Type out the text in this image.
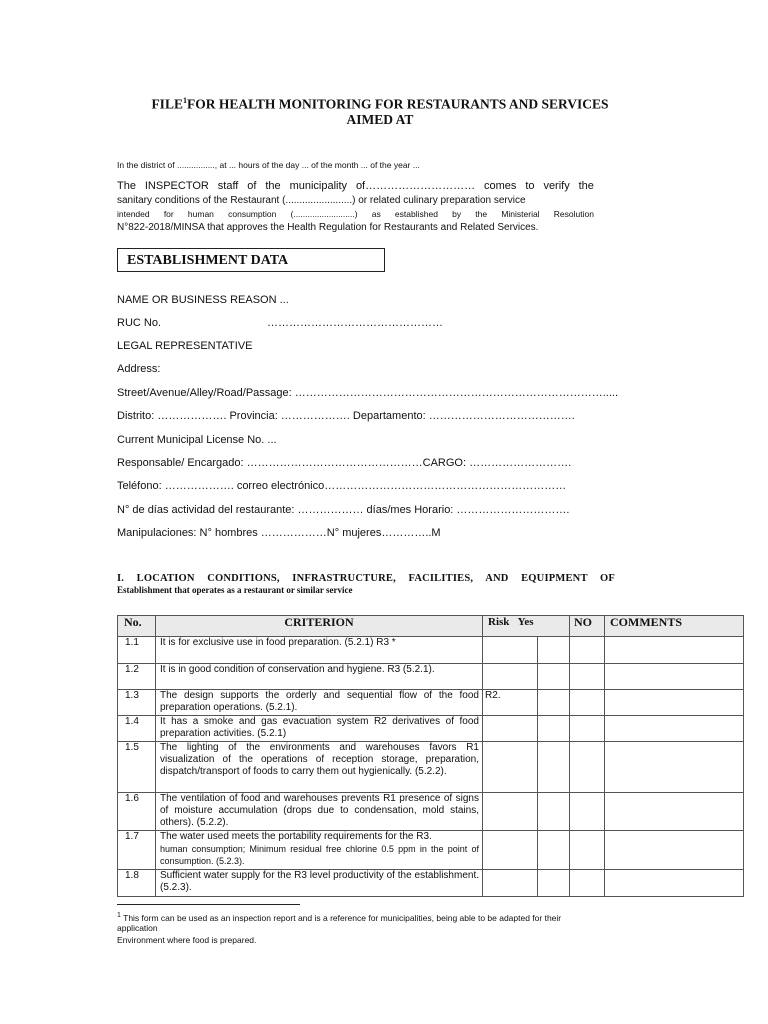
FILE$^1$FOR HEALTH MONITORING FOR RESTAURANTS AND SERVICES
AIMED AT
In the district of ................, at ... hours of the day ... of the month ... of the year ...
The INSPECTOR staff of the municipality of………………………… comes to verify the
sanitary conditions of the Restaurant (........................) or related culinary preparation service
intended for human consumption (..........................) as established by the Ministerial Resolution
N°822-2018/MINSA that approves the Health Regulation for Restaurants and Related Services.
ESTABLISHMENT DATA
NAME OR BUSINESS REASON ...
RUC No.	…………………………………………
LEGAL REPRESENTATIVE
Address:
Street/Avenue/Alley/Road/Passage: ………………………………………………………………………….....
Distrito: ………………. Provincia: ………………. Departamento: ………………………………….
Current Municipal License No. ...
Responsable/ Encargado: …………………………………………CARGO: ……………………….
Teléfono: ………………. correo electrónico…………………………………………………………
N° de días actividad del restaurante: ……………… días/mes Horario: ………………………….
Manipulaciones: N° hombres ………………N° mujeres…………..M
I. LOCATION CONDITIONS, INFRASTRUCTURE, FACILITIES, AND EQUIPMENT OF
Establishment that operates as a restaurant or similar service
No.	CRITERION	Risk Yes		NO	COMMENTS
1.1	It is for exclusive use in food preparation. (5.2.1) R3 *				
1.2	It is in good condition of conservation and hygiene. R3 (5.2.1).				
1.3	The design supports the orderly and sequential flow of the food preparation operations. (5.2.1).	R2.			
1.4	It has a smoke and gas evacuation system R2 derivatives of food preparation activities. (5.2.1)				
1.5	The lighting of the environments and warehouses favors R1 visualization of the operations of reception storage, preparation, dispatch/transport of foods to carry them out hygienically. (5.2.2).				
1.6	The ventilation of food and warehouses prevents R1 presence of signs of moisture accumulation (drops due to condensation, mold stains, others). (5.2.2).				
1.7	The water used meets the portability requirements for the R3.
human consumption; Minimum residual free chlorine 0.5 ppm in the point of consumption. (5.2.3).				

1.8	Sufficient water supply for the R3 level productivity of the establishment. (5.2.3).				
$^1$ This form can be used as an inspection report and is a reference for municipalities, being able to be adapted for their application
Environment where food is prepared.
